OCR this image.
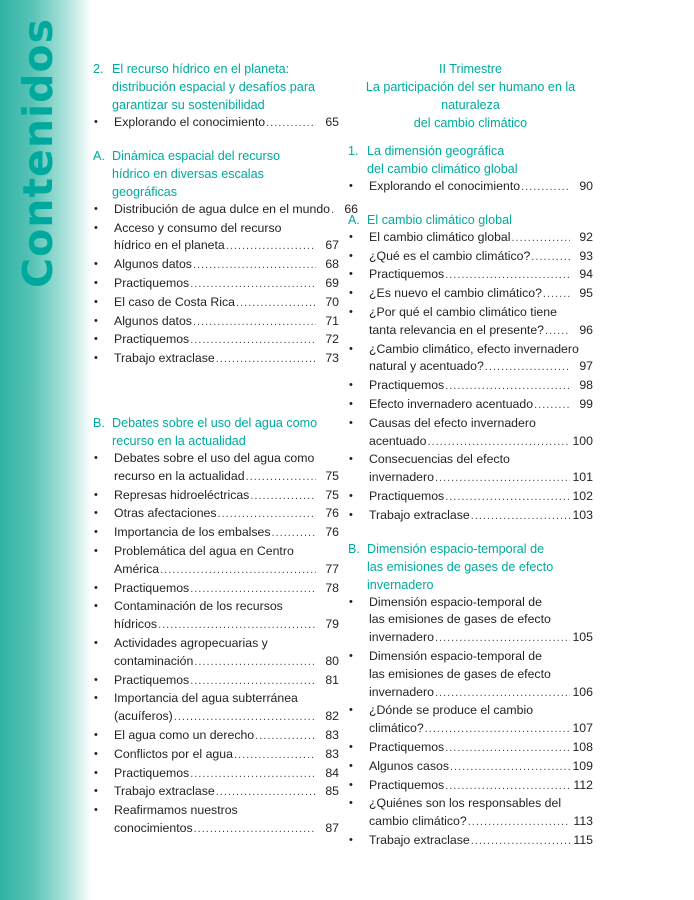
Contenidos 2. El recurso hídrico en el planeta:
distribución espacial y desafíos para
garantizar su sostenibilidad
•	Explorando el conocimiento .....	65
A. Dinámica espacial del recurso
hídrico en diversas escalas
geográficas
•	Distribución de agua dulce en el mundo .....	66
•	Acceso y consumo del recurso
hídrico en el planeta .....	67
•	Algunos datos .....	68
•	Practiquemos .....	69
•	El caso de Costa Rica .....	70
•	Algunos datos .....	71
•	Practiquemos .....	72
•	Trabajo extraclase .....	73
B. Debates sobre el uso del agua como
recurso en la actualidad
•	Debates sobre el uso del agua como
recurso en la actualidad .....	75
•	Represas hidroeléctricas .....	75
•	Otras afectaciones .....	76
•	Importancia de los embalses .....	76
•	Problemática del agua en Centro
América .....	77
•	Practiquemos .....	78
•	Contaminación de los recursos
hídricos .....	79
•	Actividades agropecuarias y
contaminación .....	80
•	Practiquemos .....	81
•	Importancia del agua subterránea
(acuíferos) .....	82
•	El agua como un derecho .....	83
•	Conflictos por el agua .....	83
•	Practiquemos .....	84
•	Trabajo extraclase .....	85
•	Reafirmamos nuestros
conocimientos .....	87
II Trimestre
La participación del ser humano en la naturaleza
del cambio climático
1. La dimensión geográfica
del cambio climático global
•	Explorando el conocimiento .....	90
A. El cambio climático global
•	El cambio climático global .....	92
•	¿Qué es el cambio climático? .....	93
•	Practiquemos .....	94
•	¿Es nuevo el cambio climático? .....	95
•	¿Por qué el cambio climático tiene
tanta relevancia en el presente? .....	96
•	¿Cambio climático, efecto invernadero
natural y acentuado? .....	97
•	Practiquemos .....	98
•	Efecto invernadero acentuado .....	99
•	Causas del efecto invernadero
acentuado .....	100
•	Consecuencias del efecto
invernadero .....	101
•	Practiquemos .....	102
•	Trabajo extraclase .....	103
B. Dimensión espacio-temporal de
las emisiones de gases de efecto
invernadero
•	Dimensión espacio-temporal de
las emisiones de gases de efecto
invernadero .....	105
•	Dimensión espacio-temporal de
las emisiones de gases de efecto
invernadero .....	106
•	¿Dónde se produce el cambio
climático? .....	107
•	Practiquemos .....	108
•	Algunos casos .....	109
•	Practiquemos .....	112
•	¿Quiénes son los responsables del
cambio climático? .....	113
•	Trabajo extraclase .....	115
